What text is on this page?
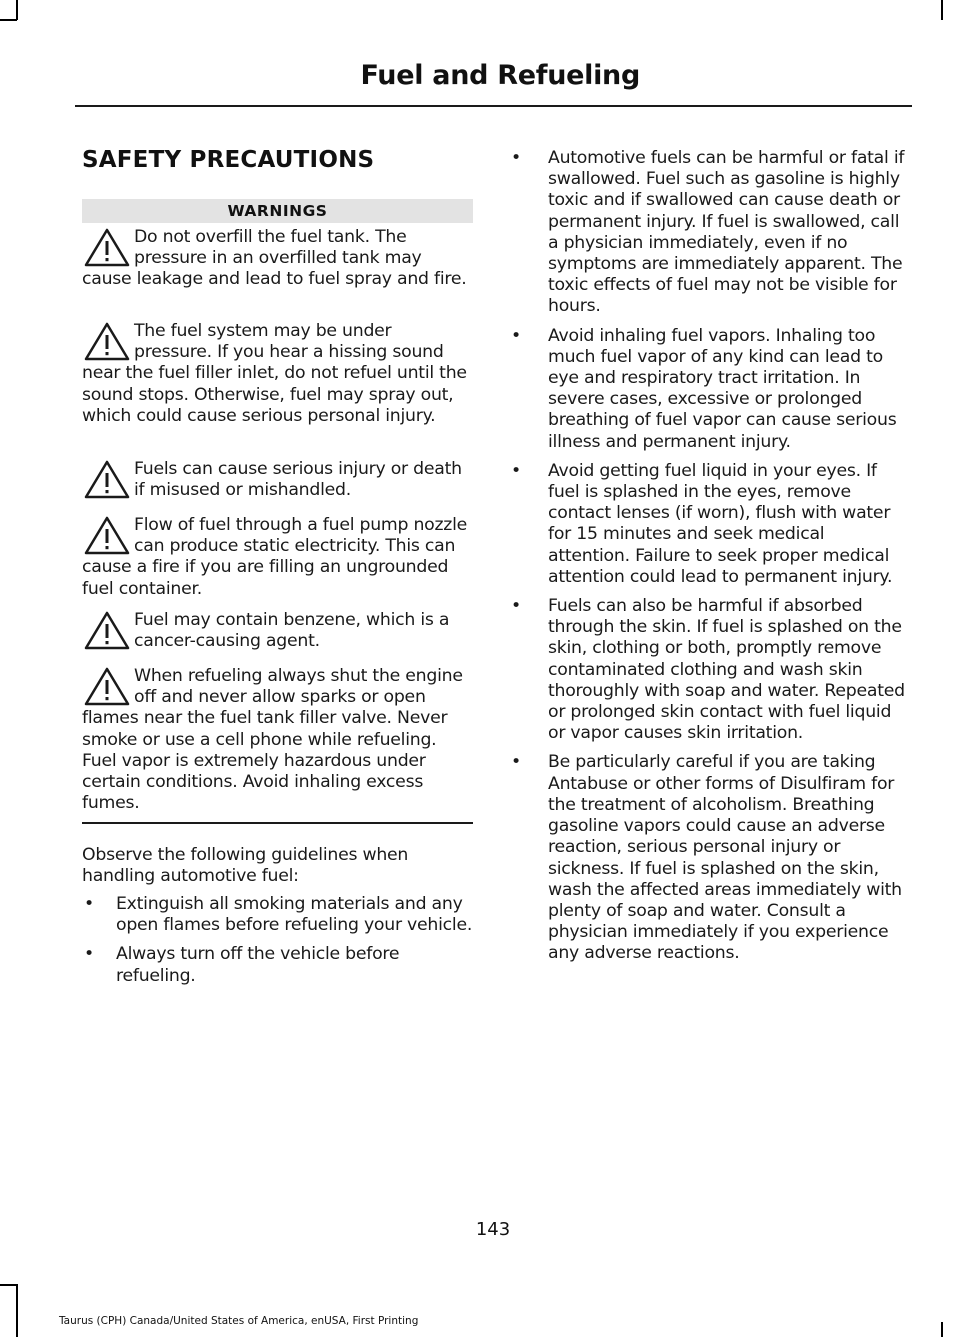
Fuel and Refueling
SAFETY PRECAUTIONS
WARNINGS
Do not overfill the fuel tank. The pressure in an overfilled tank may cause leakage and lead to fuel spray and fire.
The fuel system may be under pressure. If you hear a hissing sound near the fuel filler inlet, do not refuel until the sound stops. Otherwise, fuel may spray out, which could cause serious personal injury.
Fuels can cause serious injury or death if misused or mishandled.
Flow of fuel through a fuel pump nozzle can produce static electricity. This can cause a fire if you are filling an ungrounded fuel container.
Fuel may contain benzene, which is a cancer-causing agent.
When refueling always shut the engine off and never allow sparks or open flames near the fuel tank filler valve. Never smoke or use a cell phone while refueling. Fuel vapor is extremely hazardous under certain conditions. Avoid inhaling excess fumes.
Observe the following guidelines when handling automotive fuel:
• Extinguish all smoking materials and any open flames before refueling your vehicle.
• Always turn off the vehicle before refueling.
• Automotive fuels can be harmful or fatal if swallowed. Fuel such as gasoline is highly toxic and if swallowed can cause death or permanent injury. If fuel is swallowed, call a physician immediately, even if no symptoms are immediately apparent. The toxic effects of fuel may not be visible for hours.
• Avoid inhaling fuel vapors. Inhaling too much fuel vapor of any kind can lead to eye and respiratory tract irritation. In severe cases, excessive or prolonged breathing of fuel vapor can cause serious illness and permanent injury.
• Avoid getting fuel liquid in your eyes. If fuel is splashed in the eyes, remove contact lenses (if worn), flush with water for 15 minutes and seek medical attention. Failure to seek proper medical attention could lead to permanent injury.
• Fuels can also be harmful if absorbed through the skin. If fuel is splashed on the skin, clothing or both, promptly remove contaminated clothing and wash skin thoroughly with soap and water. Repeated or prolonged skin contact with fuel liquid or vapor causes skin irritation.
• Be particularly careful if you are taking Antabuse or other forms of Disulfiram for the treatment of alcoholism. Breathing gasoline vapors could cause an adverse reaction, serious personal injury or sickness. If fuel is splashed on the skin, wash the affected areas immediately with plenty of soap and water. Consult a physician immediately if you experience any adverse reactions.
143
Taurus (CPH) Canada/United States of America, enUSA, First Printing
